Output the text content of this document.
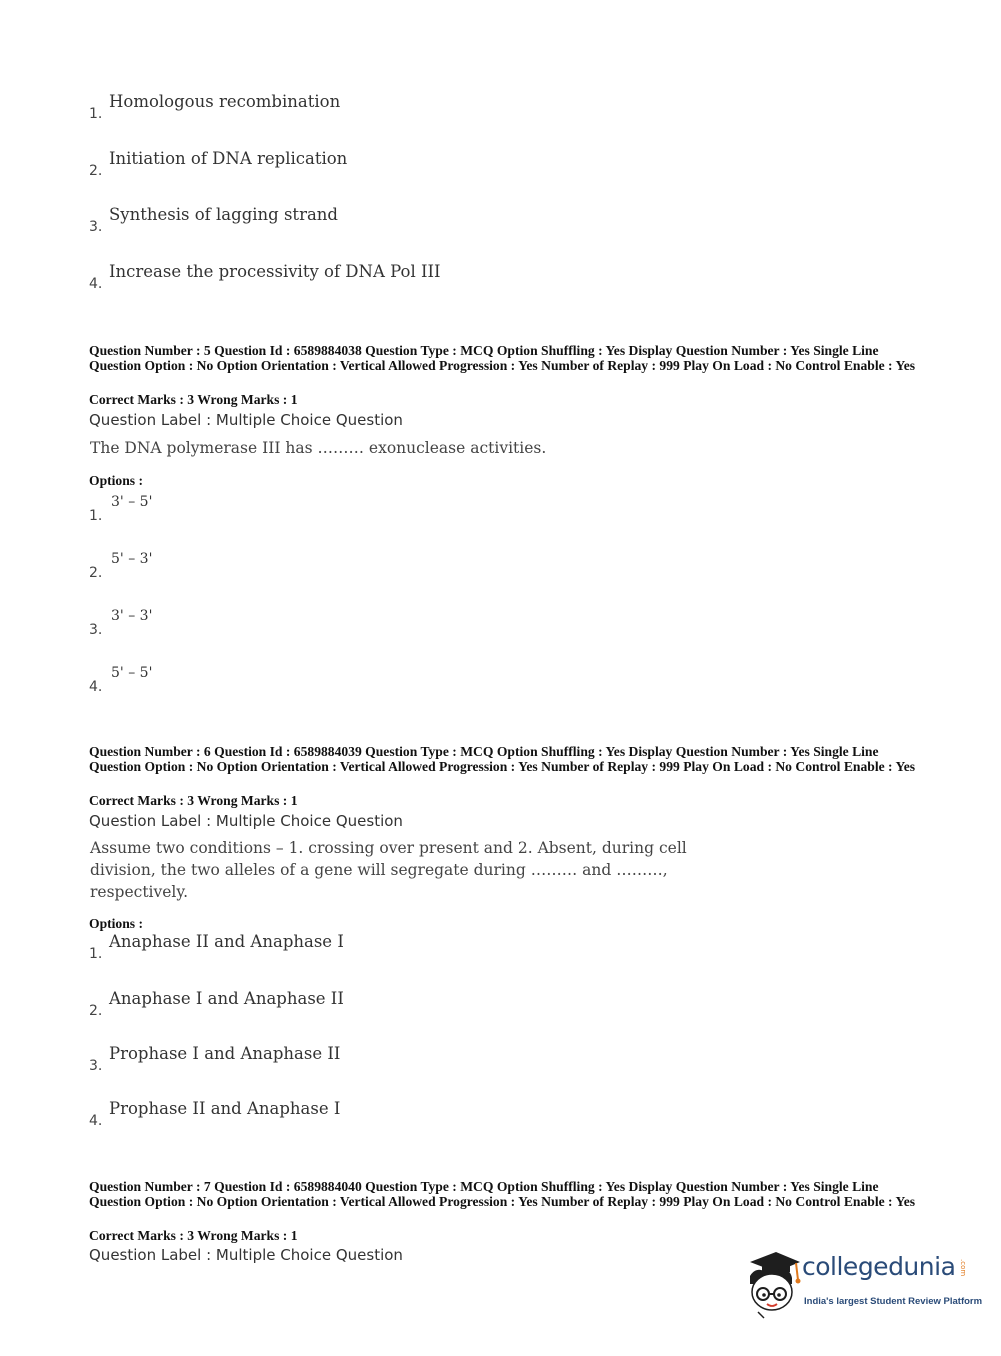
1.
Homologous recombination
2.
Initiation of DNA replication
3.
Synthesis of lagging strand
4.
Increase the processivity of DNA Pol III
Question Number : 5 Question Id : 6589884038 Question Type : MCQ Option Shuffling : Yes Display Question Number : Yes Single Line Question Option : No Option Orientation : Vertical Allowed Progression : Yes Number of Replay : 999 Play On Load : No Control Enable : Yes
Correct Marks : 3 Wrong Marks : 1
Question Label : Multiple Choice Question
The DNA polymerase III has ……… exonuclease activities.
Options :
1.
3' – 5'
2.
5' – 3'
3.
3' – 3'
4.
5' – 5'
Question Number : 6 Question Id : 6589884039 Question Type : MCQ Option Shuffling : Yes Display Question Number : Yes Single Line Question Option : No Option Orientation : Vertical Allowed Progression : Yes Number of Replay : 999 Play On Load : No Control Enable : Yes
Correct Marks : 3 Wrong Marks : 1
Question Label : Multiple Choice Question
Assume two conditions – 1. crossing over present and 2. Absent, during cell division, the two alleles of a gene will segregate during ……… and ………, respectively.
Options :
1.
Anaphase II and Anaphase I
2.
Anaphase I and Anaphase II
3.
Prophase I and Anaphase II
4.
Prophase II and Anaphase I
Question Number : 7 Question Id : 6589884040 Question Type : MCQ Option Shuffling : Yes Display Question Number : Yes Single Line Question Option : No Option Orientation : Vertical Allowed Progression : Yes Number of Replay : 999 Play On Load : No Control Enable : Yes
Correct Marks : 3 Wrong Marks : 1
Question Label : Multiple Choice Question	collegedunia .com
India's largest Student Review Platform
